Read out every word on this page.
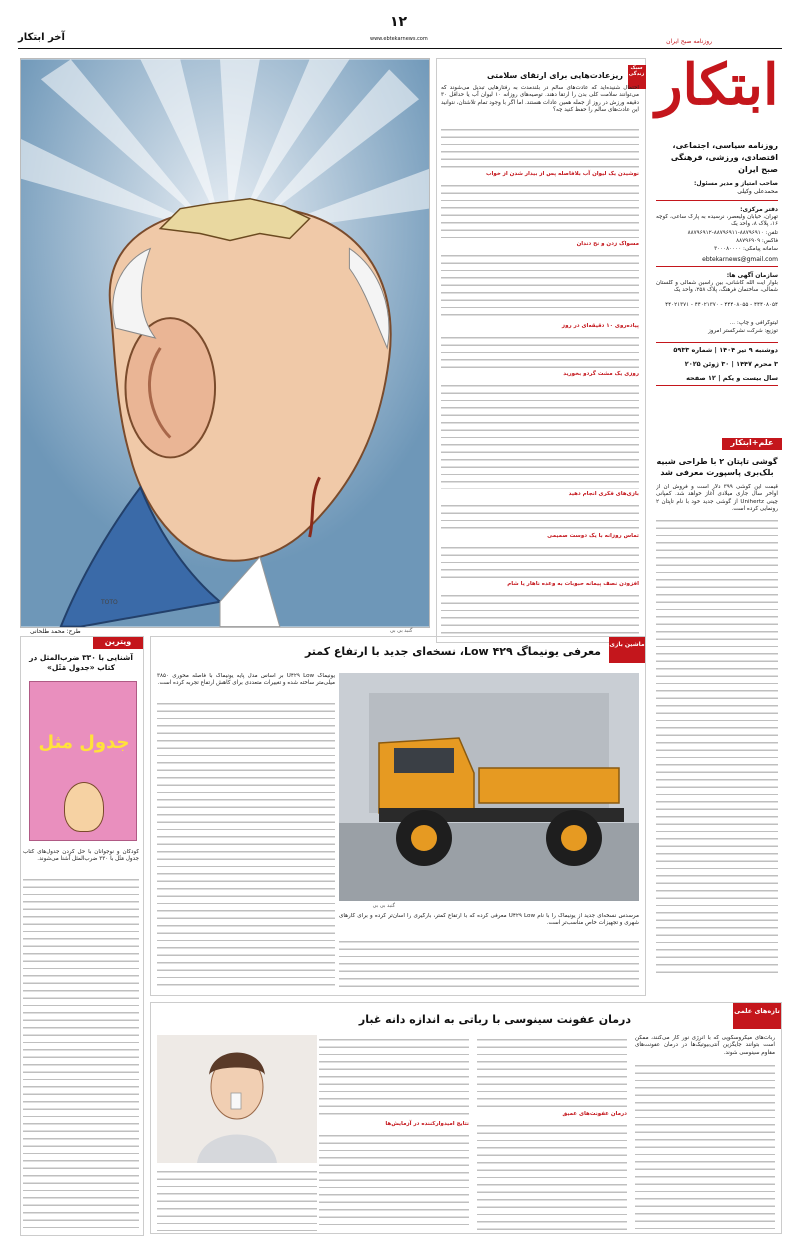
آخر ابتکار	www.ebtekarnews.com
۱۲
TOTO
طرح: محمد طلحانی	گنبد بی بی
سبک زندگی
ریزعادت‌هایی برای ارتقای سلامتی
احتمال شنیده‌اید که عادت‌های سالم در بلندمدت به رفتارهایی تبدیل می‌شوند که می‌توانند سلامت کلی بدن را ارتقا دهند. توصیه‌های روزانه ۱۰ لیوان آب یا حداقل ۳۰ دقیقه ورزش در روز از جمله همین عادات هستند. اما اگر با وجود تمام تلاشتان، نتوانید این عادت‌های سالم را حفظ کنید چه؟
نوشیدن یک لیوان آب بلافاصله پس از بیدار شدن از خواب
مسواک زدن و نخ دندان
پیاده‌روی ۱۰ دقیقه‌ای در روز
روزی یک مشت گردو بخورید
بازی‌های فکری انجام دهید
تماس روزانه با یک دوست صمیمی
افزودن نصف پیمانه حبوبات به وعده ناهار یا شام
ابتکار
روزنامه صبح ایران
روزنامه سیاسی، اجتماعی، اقتصادی، ورزشی، فرهنگی صبح ایران
صاحب امتیاز و مدیر مسئول:
محمدعلی وکیلی
دفتر مرکزی:
تهران، خیابان ولیعصر، نرسیده به پارک ساعی، کوچه ۱۶، پلاک ۸، واحد یک
تلفن: ۸۸۷۹۶۹۱۰-۸۸۷۹۶۹۱۱-۸۸۷۹۶۹۱۲
فاکس: ۸۸۷۹۶۹۰۹
سامانه پیامکی: ۳۰۰۰۸۰۰۰۰
ebtekarnews@gmail.com
سازمان آگهی ها:
بلوار آیت الله کاشانی، بین راسین شمالی و گلستان شمالی، ساختمان فرهنگ، پلاک ۲۵۸، واحد یک
۴۴۴۰۸۰۵۴ - ۴۴۴۰۸۰۵۵ - ۴۴۰۲۱۳۷۰ - ۴۴۰۲۱۳۷۱
لیتوگرافی و چاپ: ...
توزیع: شرکت نشرگستر امروز
دوشنبه ۹ تیر ۱۴۰۴ | شماره ۵۹۳۳
۳ محرم ۱۴۴۷ | ۳۰ ژوئن ۲۰۲۵
سال بیست و یکم | ۱۲ صفحه
علم+ابتکار
گوشی تاپتان ۲ با طراحی شبیه بلک‌بری پاسپورت معرفی شد
قیمت این گوشی ۳۹۹ دلار است و فروش آن از اواخر سال جاری میلادی آغاز خواهد شد. کمپانی چینی Unihertz از گوشی جدید خود با نام تاپتان ۲ رونمایی کرده است.
ماشین بازی
معرفی یونیماگ ۴۲۹ Low، نسخه‌ای جدید با ارتفاع کمتر
گنبد بی بی
یونیماگ U۴۲۹ Low بر اساس مدل پایه یونیماگ با فاصله محوری ۳۸۵۰ میلی‌متر ساخته شده و تغییرات متعددی برای کاهش ارتفاع تجربه کرده است.
مرسدس نسخه‌ای جدید از یونیماگ را با نام U۴۲۹ Low معرفی کرده که با ارتفاع کمتر، بارگیری را آسان‌تر کرده و برای کارهای شهری و تجهیزات خاص مناسب‌تر است.
ویترین
آشنایی با ۳۳۰ ضرب‌المثل در کتاب «جدول مَثَل»
جدول مثل
کودکان و نوجوانان با حل کردن جدول‌های کتاب جدول مَثَل با ۳۳۰ ضرب‌المثل آشنا می‌شوند.
تازه‌های علمی
درمان عفونت سینوسی با رباتی به اندازه دانه غبار
ربات‌های میکروسکوپی که با انرژی نور کار می‌کنند، ممکن است بتوانند جایگزین آنتی‌بیوتیک‌ها در درمان عفونت‌های مقاوم سینوسی شوند.
درمان عفونت‌های عمیق
نتایج امیدوارکننده در آزمایش‌ها
